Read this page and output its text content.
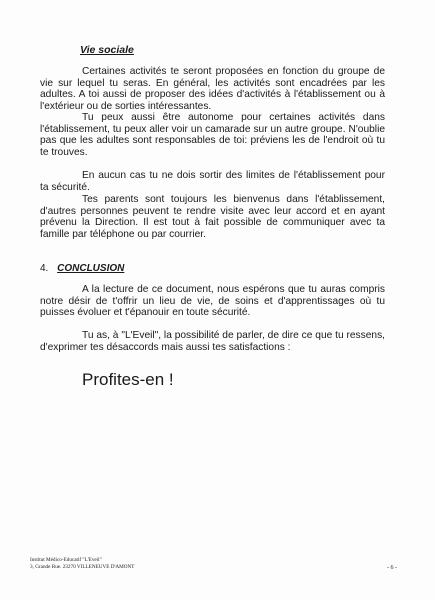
Vie sociale

Certaines activités te seront proposées en fonction du groupe de vie sur lequel tu seras. En général, les activités sont encadrées par les adultes. A toi aussi de proposer des idées d'activités à l'établissement ou à l'extérieur ou de sorties intéressantes.

Tu peux aussi être autonome pour certaines activités dans l'établissement, tu peux aller voir un camarade sur un autre groupe. N'oublie pas que les adultes sont responsables de toi: préviens les de l'endroit où tu te trouves.

En aucun cas tu ne dois sortir des limites de l'établissement pour ta sécurité.

Tes parents sont toujours les bienvenus dans l'établissement, d'autres personnes peuvent te rendre visite avec leur accord et en ayant prévenu la Direction. Il est tout à fait possible de communiquer avec ta famille par téléphone ou par courrier.

4. CONCLUSION

A la lecture de ce document, nous espérons que tu auras compris notre désir de t'offrir un lieu de vie, de soins et d'apprentissages où tu puisses évoluer et t'épanouir en toute sécurité.

Tu as, à "L'Eveil", la possibilité de parler, de dire ce que tu ressens, d'exprimer tes désaccords mais aussi tes satisfactions :

Profites-en !
Institut Médico-Educatif "L'Eveil"
3, Grande Rue. 23270 VILLENEUVE D'AMONT	- 6 -
